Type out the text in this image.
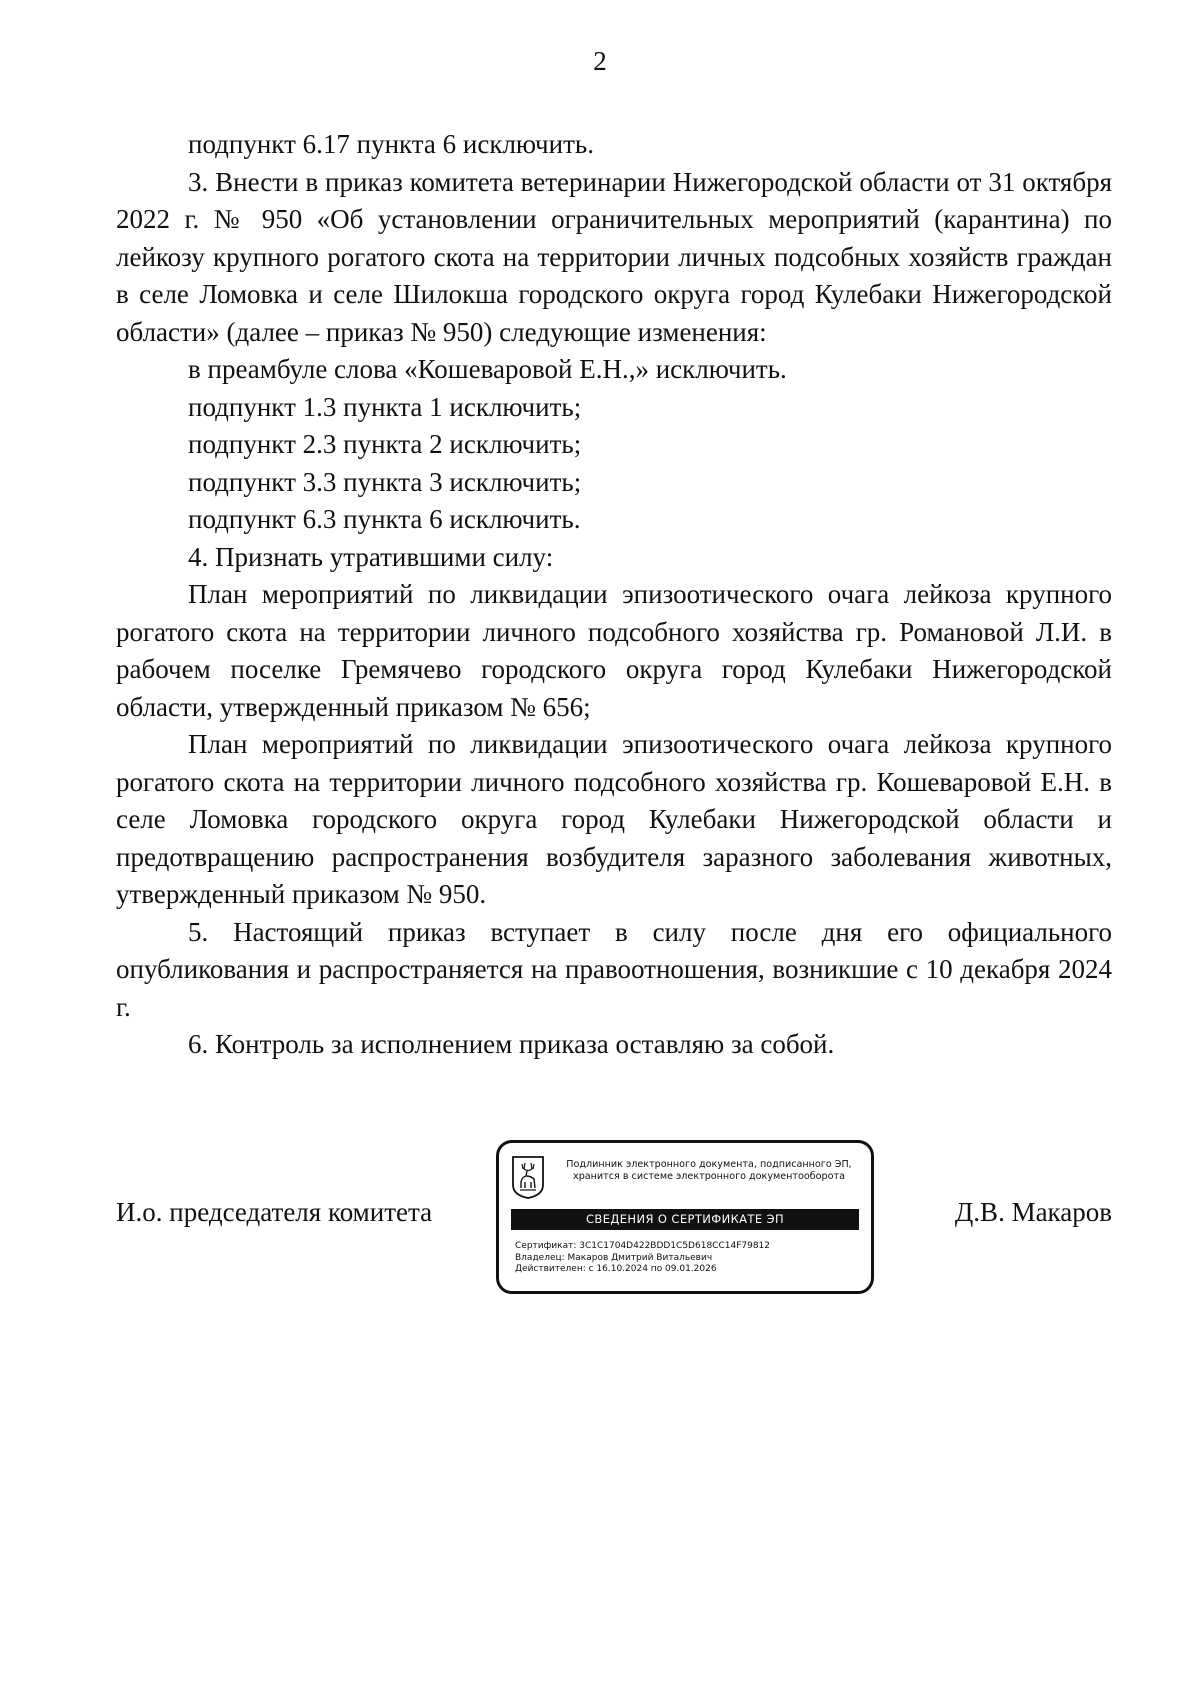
2

подпункт 6.17 пункта 6 исключить.

3. Внести в приказ комитета ветеринарии Нижегородской области от 31 октября 2022 г. № 950 «Об установлении ограничительных мероприятий (карантина) по лейкозу крупного рогатого скота на территории личных подсобных хозяйств граждан в селе Ломовка и селе Шилокша городского округа город Кулебаки Нижегородской области» (далее – приказ № 950) следующие изменения:

в преамбуле слова «Кошеваровой Е.Н.,» исключить.

подпункт 1.3 пункта 1 исключить;

подпункт 2.3 пункта 2 исключить;

подпункт 3.3 пункта 3 исключить;

подпункт 6.3 пункта 6 исключить.

4. Признать утратившими силу:

План мероприятий по ликвидации эпизоотического очага лейкоза крупного рогатого скота на территории личного подсобного хозяйства гр. Романовой Л.И. в рабочем поселке Гремячево городского округа город Кулебаки Нижегородской области, утвержденный приказом № 656;

План мероприятий по ликвидации эпизоотического очага лейкоза крупного рогатого скота на территории личного подсобного хозяйства гр. Кошеваровой Е.Н. в селе Ломовка городского округа город Кулебаки Нижегородской области и предотвращению распространения возбудителя заразного заболевания животных, утвержденный приказом № 950.

5. Настоящий приказ вступает в силу после дня его официального опубликования и распространяется на правоотношения, возникшие с 10 декабря 2024 г.

6. Контроль за исполнением приказа оставляю за собой.

И.о. председателя комитета
Подлинник электронного документа, подписанного ЭП,
хранится в системе электронного документооборота
СВЕДЕНИЯ О СЕРТИФИКАТЕ ЭП
Сертификат: 3C1C1704D422BDD1C5D618CC14F79812
Владелец: Макаров Дмитрий Витальевич
Действителен: с 16.10.2024 по 09.01.2026
Д.В. Макаров
